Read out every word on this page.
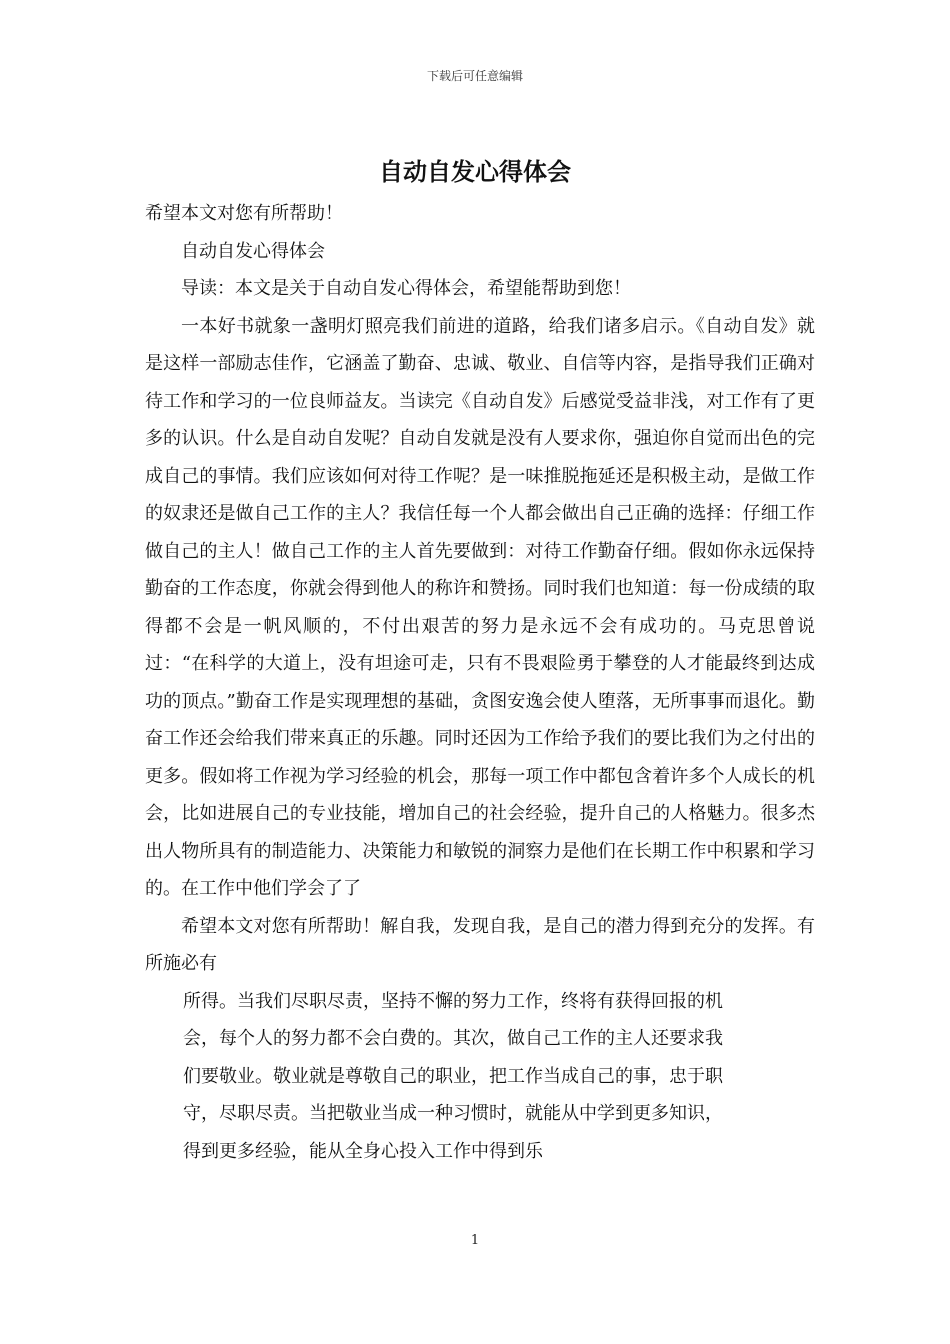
下载后可任意编辑
自动自发心得体会

希望本文对您有所帮助！

自动自发心得体会

导读：本文是关于自动自发心得体会，希望能帮助到您！

一本好书就象一盏明灯照亮我们前进的道路，给我们诸多启示。《自动自发》就是这样一部励志佳作，它涵盖了勤奋、忠诚、敬业、自信等内容，是指导我们正确对待工作和学习的一位良师益友。当读完《自动自发》后感觉受益非浅，对工作有了更多的认识。什么是自动自发呢？自动自发就是没有人要求你，强迫你自觉而出色的完成自己的事情。我们应该如何对待工作呢？是一味推脱拖延还是积极主动，是做工作的奴隶还是做自己工作的主人？我信任每一个人都会做出自己正确的选择：仔细工作做自己的主人！做自己工作的主人首先要做到：对待工作勤奋仔细。假如你永远保持勤奋的工作态度，你就会得到他人的称许和赞扬。同时我们也知道：每一份成绩的取得都不会是一帆风顺的，不付出艰苦的努力是永远不会有成功的。马克思曾说过：“在科学的大道上，没有坦途可走，只有不畏艰险勇于攀登的人才能最终到达成功的顶点。”勤奋工作是实现理想的基础，贪图安逸会使人堕落，无所事事而退化。勤奋工作还会给我们带来真正的乐趣。同时还因为工作给予我们的要比我们为之付出的更多。假如将工作视为学习经验的机会，那每一项工作中都包含着许多个人成长的机会，比如进展自己的专业技能，增加自己的社会经验，提升自己的人格魅力。很多杰出人物所具有的制造能力、决策能力和敏锐的洞察力是他们在长期工作中积累和学习的。在工作中他们学会了了

希望本文对您有所帮助！解自我，发现自我，是自己的潜力得到充分的发挥。有所施必有

所得。当我们尽职尽责，坚持不懈的努力工作，终将有获得回报的机会，每个人的努力都不会白费的。其次，做自己工作的主人还要求我们要敬业。敬业就是尊敬自己的职业，把工作当成自己的事，忠于职守，尽职尽责。当把敬业当成一种习惯时，就能从中学到更多知识，得到更多经验，能从全身心投入工作中得到乐

1
